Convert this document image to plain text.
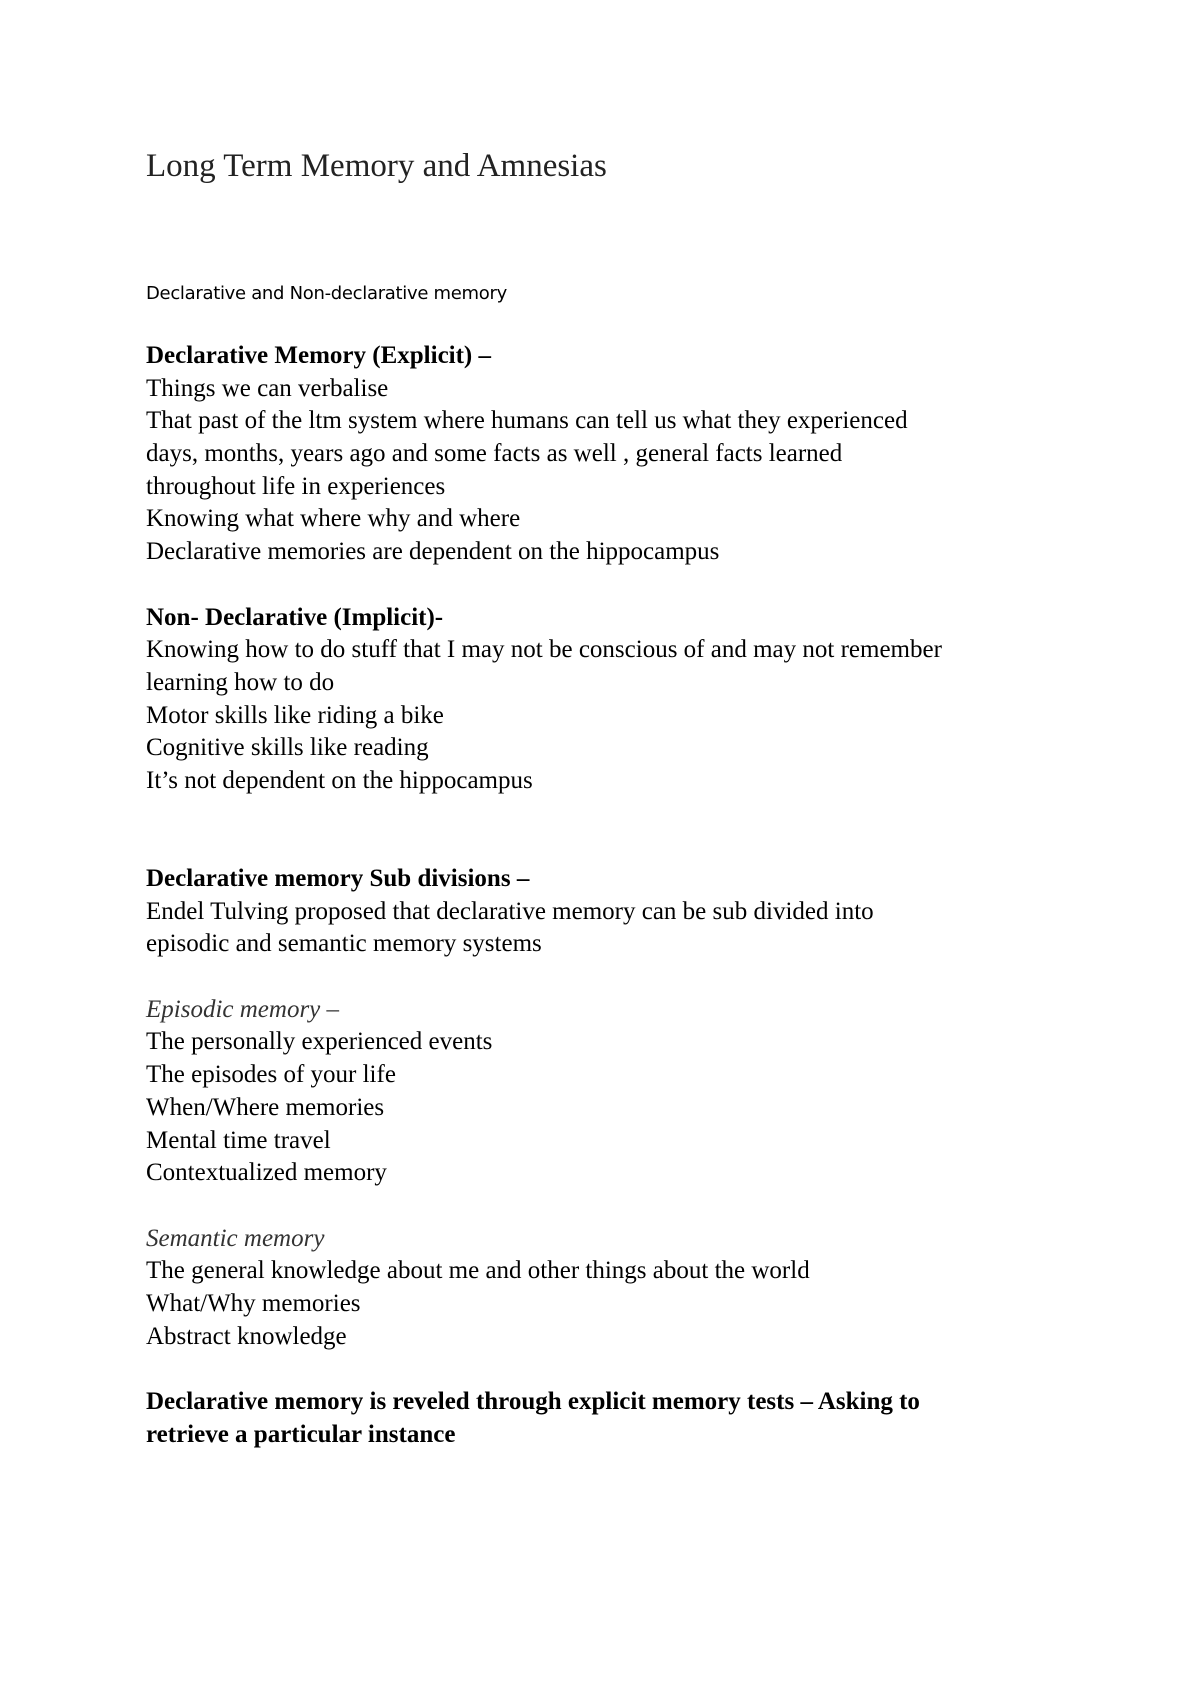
Long Term Memory and Amnesias
Declarative and Non-declarative memory
Declarative Memory (Explicit) –
Things we can verbalise
That past of the ltm system where humans can tell us what they experienced
days, months, years ago and some facts as well , general facts learned
throughout life in experiences
Knowing what where why and where
Declarative memories are dependent on the hippocampus
Non- Declarative (Implicit)-
Knowing how to do stuff that I may not be conscious of and may not remember
learning how to do
Motor skills like riding a bike
Cognitive skills like reading
It’s not dependent on the hippocampus
Declarative memory Sub divisions –
Endel Tulving proposed that declarative memory can be sub divided into
episodic and semantic memory systems
Episodic memory –
The personally experienced events
The episodes of your life
When/Where memories
Mental time travel
Contextualized memory
Semantic memory
The general knowledge about me and other things about the world
What/Why memories
Abstract knowledge
Declarative memory is reveled through explicit memory tests – Asking to
retrieve a particular instance
